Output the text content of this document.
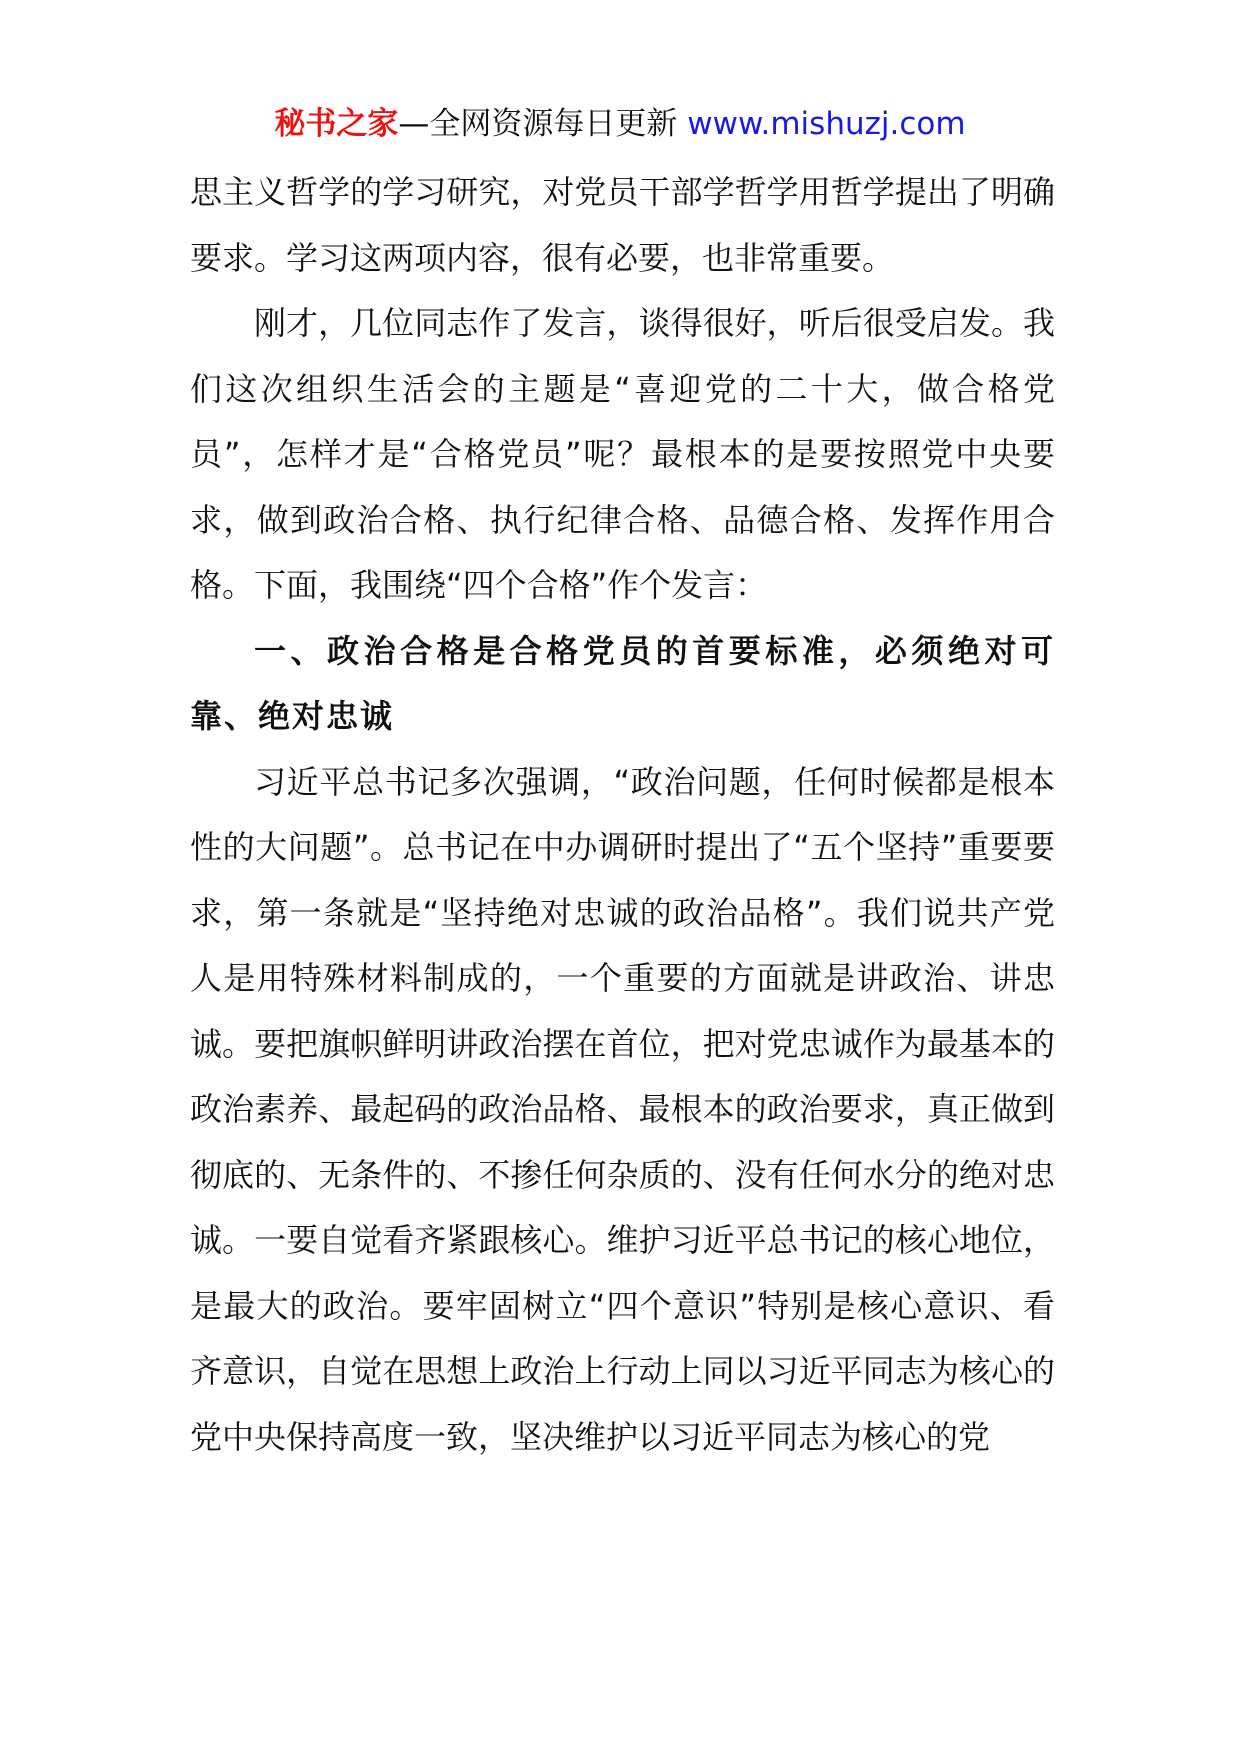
秘书之家—全网资源每日更新 www.mishuzj.com

思主义哲学的学习研究，对党员干部学哲学用哲学提出了明确要求。学习这两项内容，很有必要，也非常重要。

刚才，几位同志作了发言，谈得很好，听后很受启发。我们这次组织生活会的主题是“喜迎党的二十大，做合格党员”，怎样才是“合格党员”呢？最根本的是要按照党中央要求，做到政治合格、执行纪律合格、品德合格、发挥作用合格。下面，我围绕“四个合格”作个发言：

一、政治合格是合格党员的首要标准，必须绝对可靠、绝对忠诚

习近平总书记多次强调，“政治问题，任何时候都是根本性的大问题”。总书记在中办调研时提出了“五个坚持”重要要求，第一条就是“坚持绝对忠诚的政治品格”。我们说共产党人是用特殊材料制成的，一个重要的方面就是讲政治、讲忠诚。要把旗帜鲜明讲政治摆在首位，把对党忠诚作为最基本的政治素养、最起码的政治品格、最根本的政治要求，真正做到彻底的、无条件的、不掺任何杂质的、没有任何水分的绝对忠诚。一要自觉看齐紧跟核心。维护习近平总书记的核心地位，是最大的政治。要牢固树立“四个意识”特别是核心意识、看齐意识，自觉在思想上政治上行动上同以习近平同志为核心的党中央保持高度一致，坚决维护以习近平同志为核心的党
